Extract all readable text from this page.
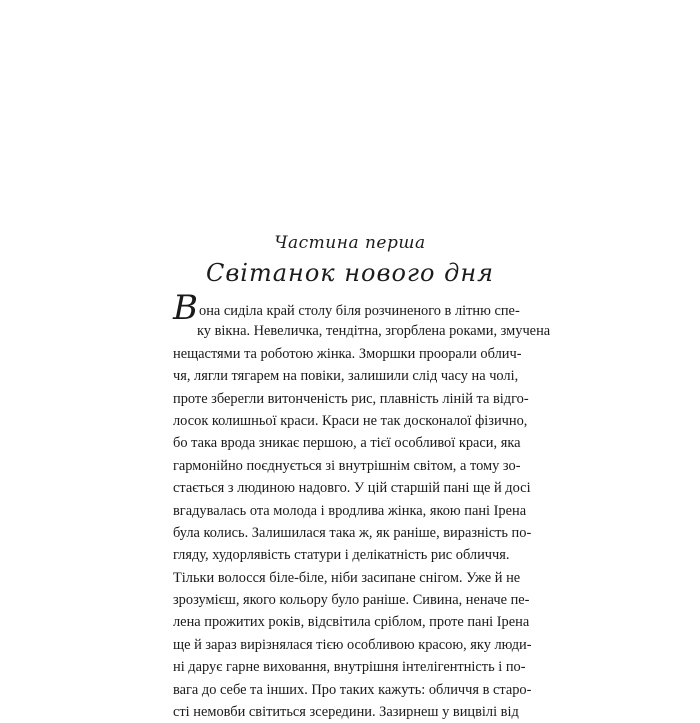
Частина перша
Світанок нового дня
Вона сиділа край столу біля розчиненого в літню спе-
ку вікна. Невеличка, тендітна, згорблена роками, змучена
нещастями та роботою жінка. Зморшки проорали облич-
чя, лягли тягарем на повіки, залишили слід часу на чолі,
проте зберегли витонченість рис, плавність ліній та відго-
лосок колишньої краси. Краси не так досконалої фізично,
бо така врода зникає першою, а тієї особливої краси, яка
гармонійно поєднується зі внутрішнім світом, а тому зо-
стається з людиною надовго. У цій старшій пані ще й досі
вгадувалась ота молода і вродлива жінка, якою пані Ірена
була колись. Залишилася така ж, як раніше, виразність по-
гляду, худорлявість статури і делікатність рис обличчя.
Тільки волосся біле-біле, ніби засипане снігом. Уже й не
зрозумієш, якого кольору було раніше. Сивина, неначе пе-
лена прожитих років, відсвітила сріблом, проте пані Ірена
ще й зараз вирізнялася тією особливою красою, яку люди-
ні дарує гарне виховання, внутрішня інтелігентність і по-
вага до себе та інших. Про таких кажуть: обличчя в старо-
сті немовби світиться зсередини. Зазирнеш у вицвілі від
